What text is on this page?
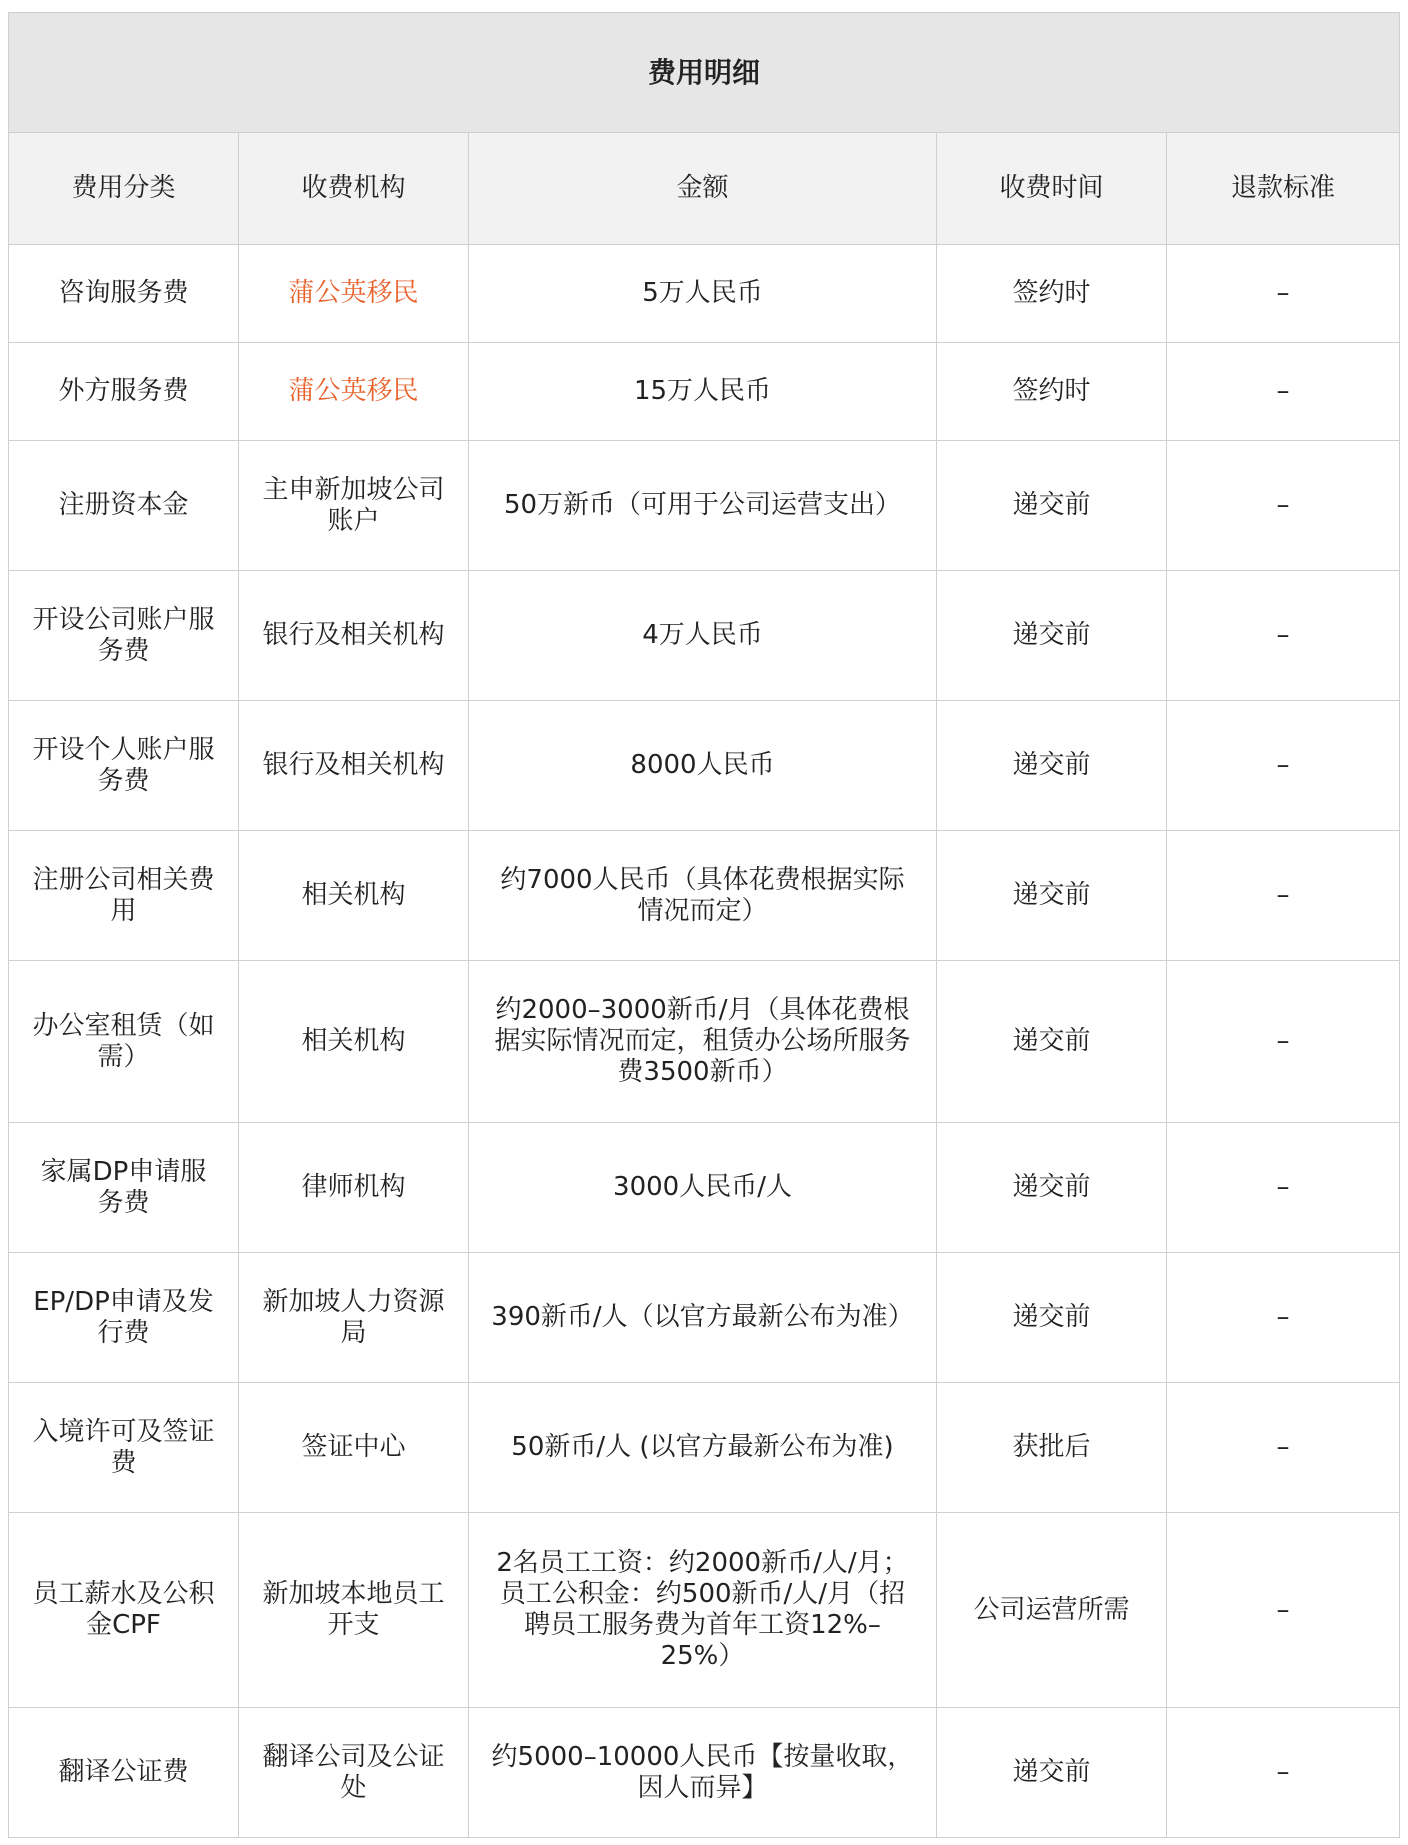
费用明细				
费用分类	收费机构	金额	收费时间	退款标准
咨询服务费	蒲公英移民	5万人民币	签约时	–
外方服务费	蒲公英移民	15万人民币	签约时	–
注册资本金	主申新加坡公司账户	50万新币（可用于公司运营支出）	递交前	–
开设公司账户服务费	银行及相关机构	4万人民币	递交前	–
开设个人账户服务费	银行及相关机构	8000人民币	递交前	–
注册公司相关费用	相关机构	约7000人民币（具体花费根据实际情况而定）	递交前	–
办公室租赁（如需）	相关机构	约2000–3000新币/月（具体花费根据实际情况而定，租赁办公场所服务费3500新币）	递交前	–
家属DP申请服务费	律师机构	3000人民币/人	递交前	–
EP/DP申请及发行费	新加坡人力资源局	390新币/人（以官方最新公布为准）	递交前	–
入境许可及签证费	签证中心	50新币/人 (以官方最新公布为准)	获批后	–
员工薪水及公积金CPF	新加坡本地员工开支	2名员工工资：约2000新币/人/月；员工公积金：约500新币/人/月（招聘员工服务费为首年工资12%–25%）	公司运营所需	–
翻译公证费	翻译公司及公证处	约5000–10000人民币【按量收取，因人而异】	递交前	–
